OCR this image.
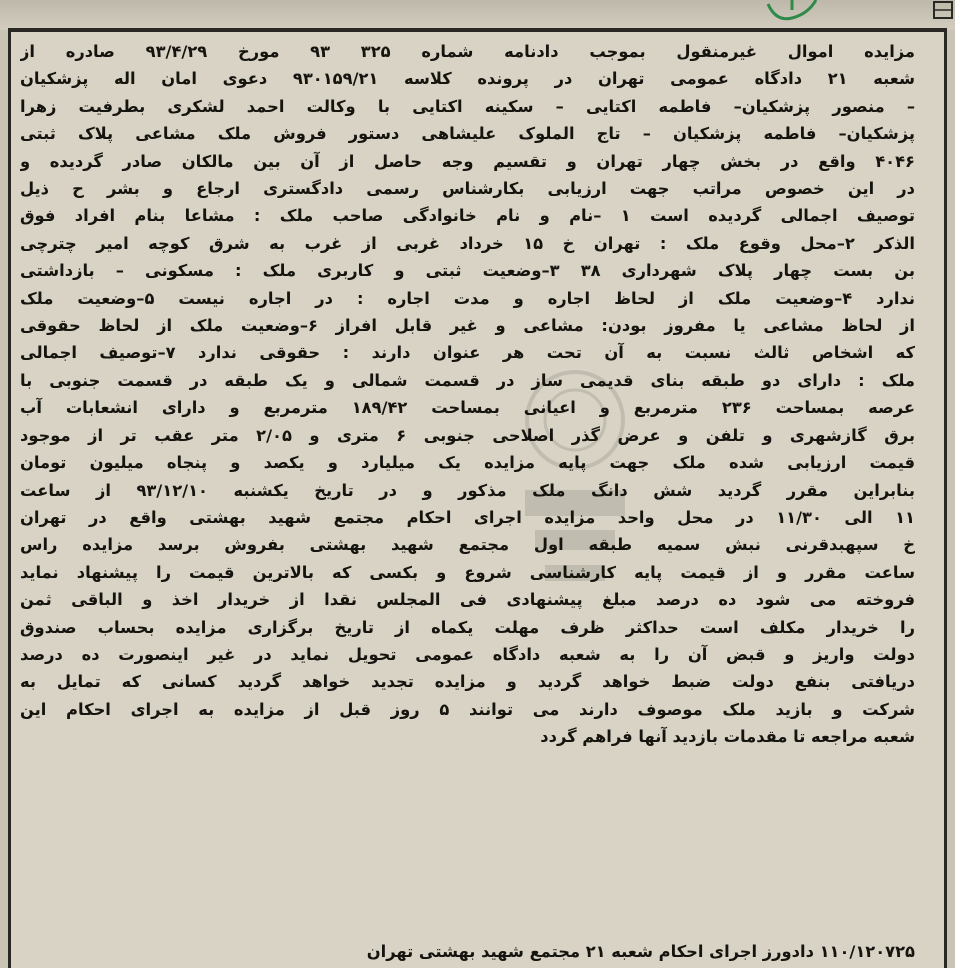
مزایده اموال غیرمنقول بموجب دادنامه شماره ۳۲۵ ۹۳ مورخ ۹۳/۴/۲۹ صادره از
شعبه ۲۱ دادگاه عمومی تهران در پرونده کلاسه ۹۳۰۱۵۹/۲۱ دعوی امان اله پزشکیان
– منصور پزشکیان– فاطمه اکتایی – سکینه اکتایی با وکالت احمد لشکری بطرفیت زهرا
پزشکیان– فاطمه پزشکیان – تاج الملوک علیشاهی دستور فروش ملک مشاعی پلاک ثبتی
۴۰۴۶ واقع در بخش چهار تهران و تقسیم وجه حاصل از آن بین مالکان صادر گردیده و
در این خصوص مراتب جهت ارزیابی بکارشناس رسمی دادگستری ارجاع و بشر ح ذیل
توصیف اجمالی گردیده است ۱ –نام و نام خانوادگی صاحب ملک : مشاعا بنام افراد فوق
الذکر ۲–محل وقوع ملک : تهران خ ۱۵ خرداد غربی از غرب به شرق کوچه امیر چترچی
بن بست چهار پلاک شهرداری ۳۸ ۳–وضعیت ثبتی و کاربری ملک : مسکونی – بازداشتی
ندارد ۴–وضعیت ملک از لحاظ اجاره و مدت اجاره : در اجاره نیست ۵–وضعیت ملک
از لحاظ مشاعی یا مفروز بودن: مشاعی و غیر قابل افراز ۶–وضعیت ملک از لحاظ حقوقی
که اشخاص ثالث نسبت به آن تحت هر عنوان دارند : حقوقی ندارد ۷–توصیف اجمالی
ملک : دارای دو طبقه بنای قدیمی ساز در قسمت شمالی و یک طبقه در قسمت جنوبی با
عرصه بمساحت ۲۳۶ مترمربع و اعیانی بمساحت ۱۸۹/۴۲ مترمربع و دارای انشعابات آب
برق گازشهری و تلفن و عرض گذر اصلاحی جنوبی ۶ متری و ۲/۰۵ متر عقب تر از موجود
قیمت ارزیابی شده ملک جهت پایه مزایده یک میلیارد و یکصد و پنجاه میلیون تومان
بنابراین مقرر گردید شش دانگ ملک مذکور و در تاریخ یکشنبه ۹۳/۱۲/۱۰ از ساعت
۱۱ الی ۱۱/۳۰ در محل واحد مزایده اجرای احکام مجتمع شهید بهشتی واقع در تهران
خ سپهبدقرنی نبش سمیه طبقه اول مجتمع شهید بهشتی بفروش برسد مزایده راس
ساعت مقرر و از قیمت پایه کارشناسی شروع و بکسی که بالاترین قیمت را پیشنهاد نماید
فروخته می شود ده درصد مبلغ پیشنهادی فی المجلس نقدا از خریدار اخذ و الباقی ثمن
را خریدار مکلف است حداکثر ظرف مهلت یکماه از تاریخ برگزاری مزایده بحساب صندوق
دولت واریز و قبض آن را به شعبه دادگاه عمومی تحویل نماید در غیر اینصورت ده درصد
دریافتی بنفع دولت ضبط خواهد گردید و مزایده تجدید خواهد گردید کسانی که تمایل به
شرکت و بازید ملک موصوف دارند می توانند ۵ روز قبل از مزایده به اجرای احکام این
شعبه مراجعه تا مقدمات بازدید آنها فراهم گردد
۱۱۰/۱۲۰۷۲۵ دادورز اجرای احکام شعبه ۲۱ مجتمع شهید بهشتی تهران
